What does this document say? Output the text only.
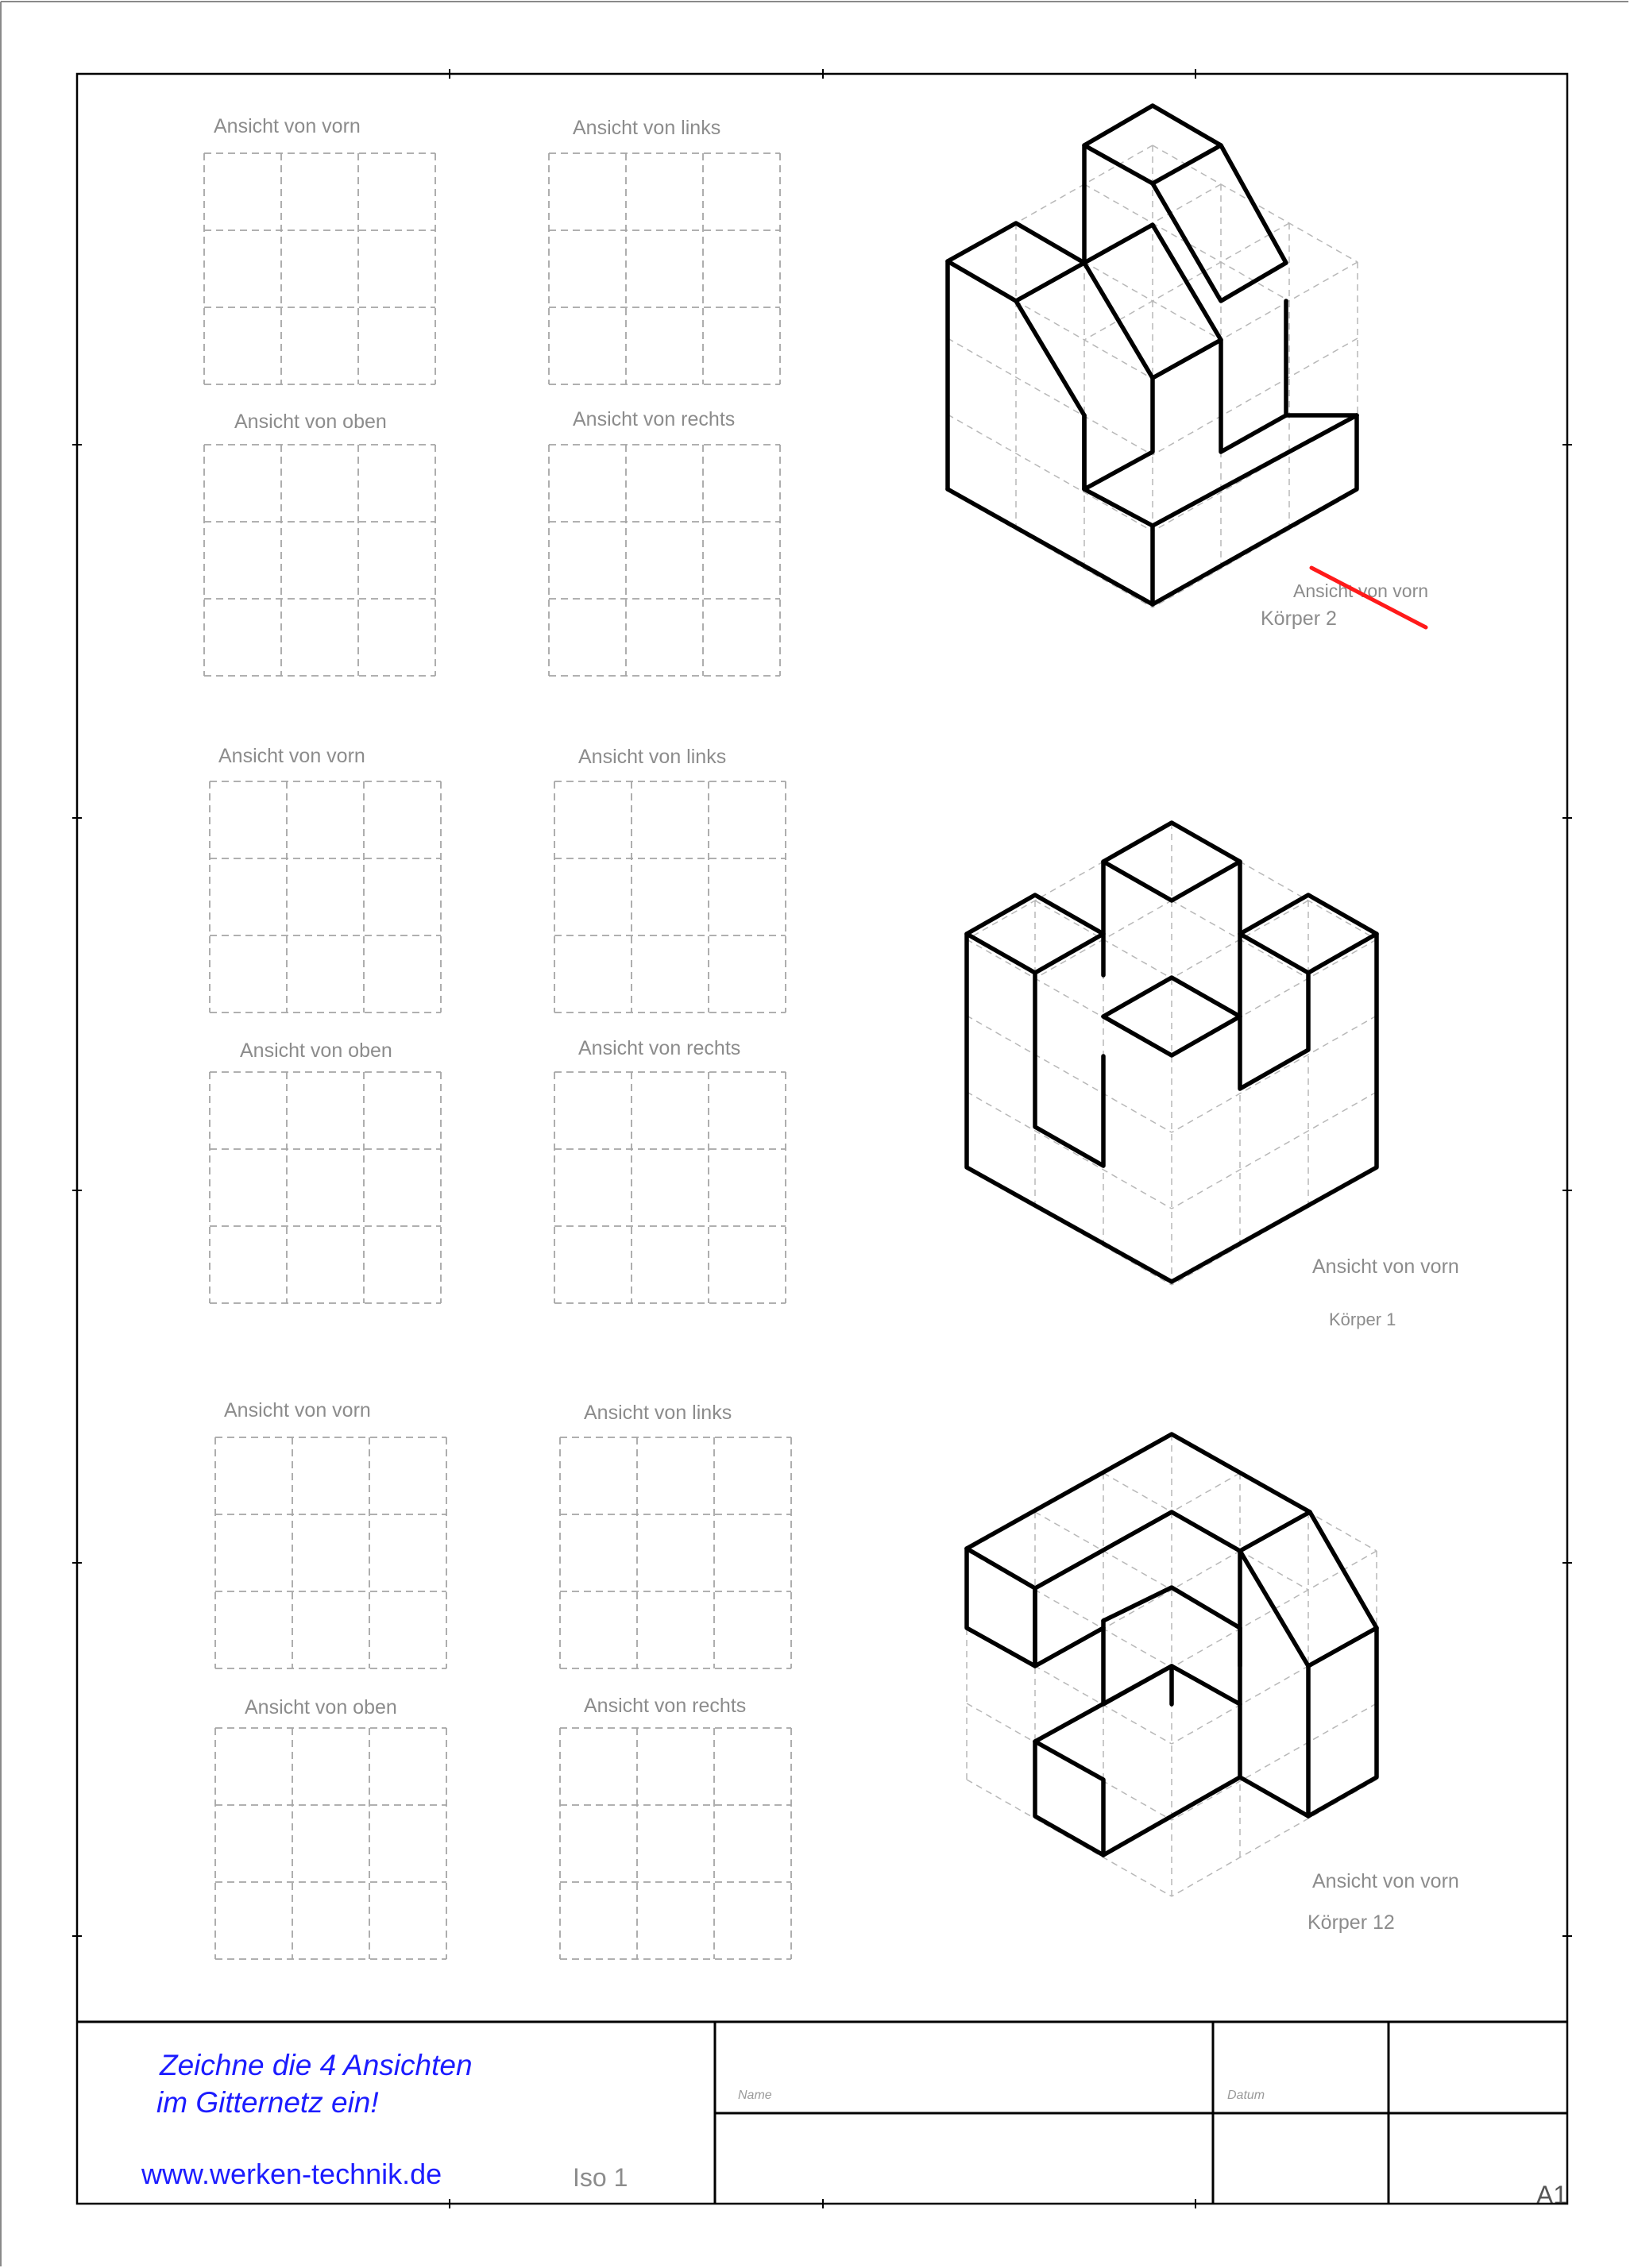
Ansicht von vorn	Ansicht von links
Ansicht von oben	Ansicht von rechts
Ansicht von vorn
Körper 2
Ansicht von vorn	Ansicht von links
Ansicht von oben	Ansicht von rechts
Ansicht von vorn
Körper 1
Ansicht von vorn	Ansicht von links
Ansicht von oben	Ansicht von rechts
Ansicht von vorn
Körper 12
Zeichne die 4 Ansichten
im Gitternetz ein!
www.werken-technik.de	Iso 1
Name	Datum
A1
